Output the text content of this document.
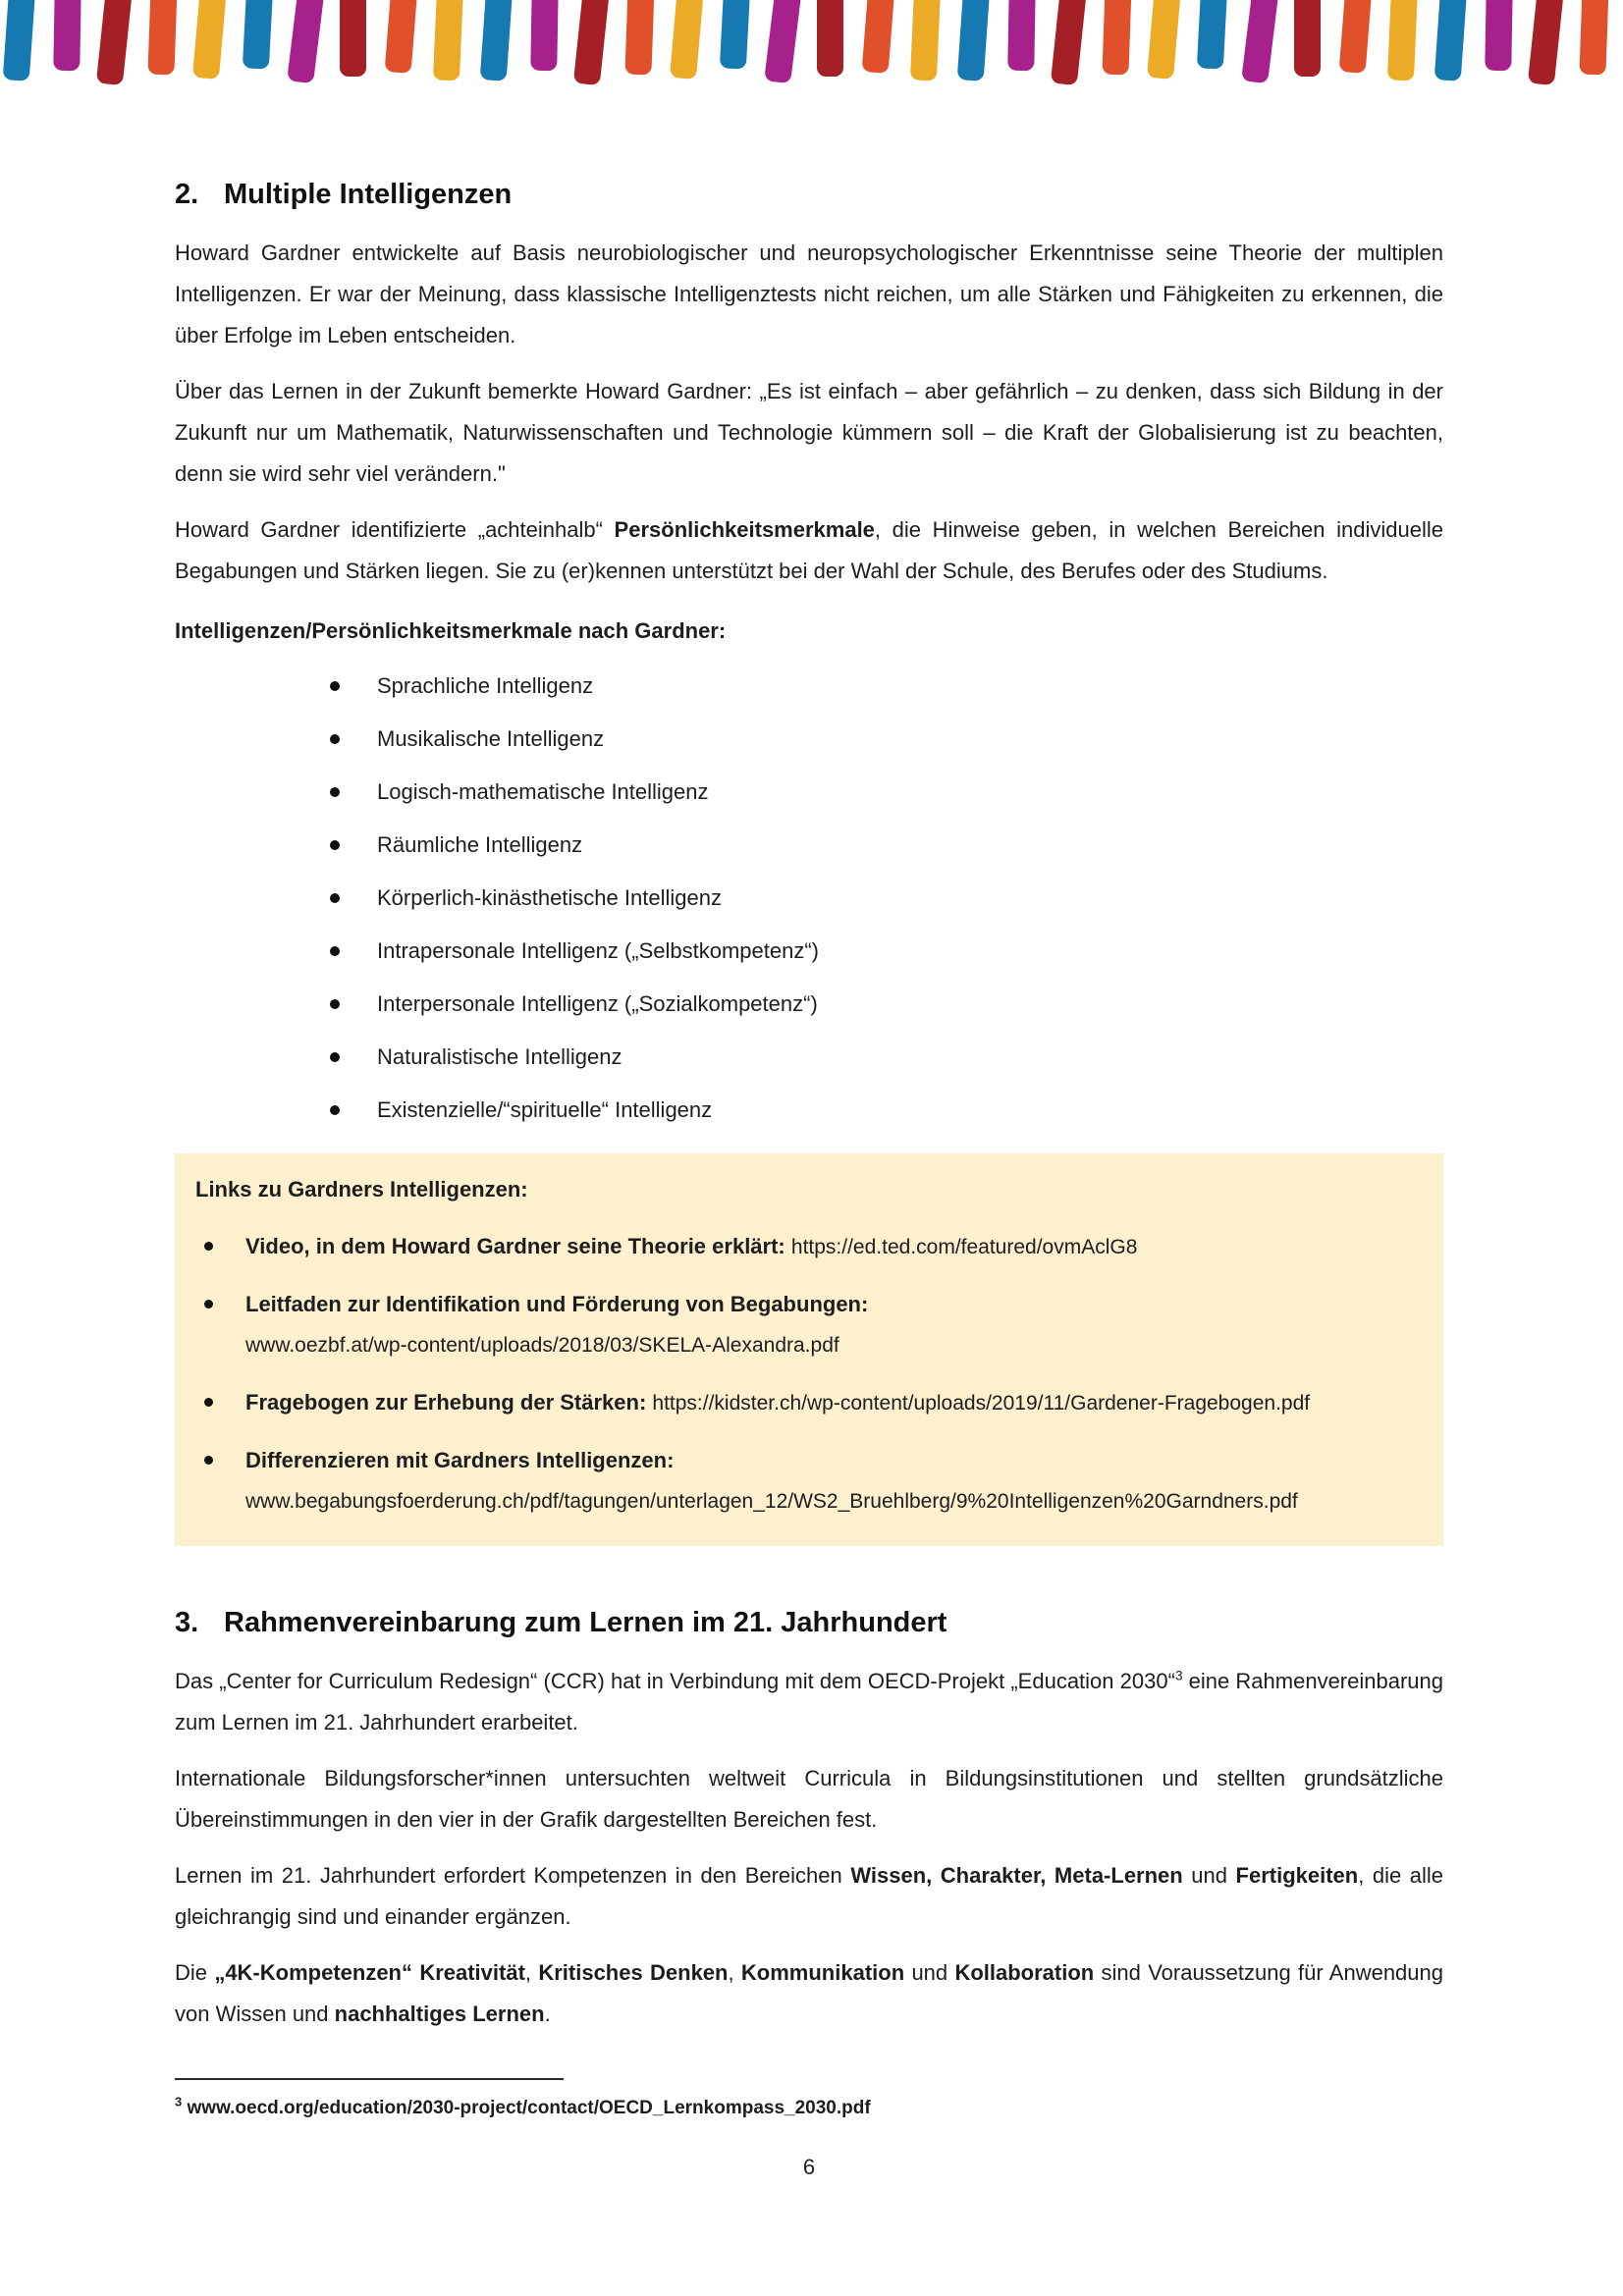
2. Multiple Intelligenzen

Howard Gardner entwickelte auf Basis neurobiologischer und neuropsychologischer Erkenntnisse seine Theorie der multiplen Intelligenzen. Er war der Meinung, dass klassische Intelligenztests nicht reichen, um alle Stärken und Fähigkeiten zu erkennen, die über Erfolge im Leben entscheiden.

Über das Lernen in der Zukunft bemerkte Howard Gardner: „Es ist einfach – aber gefährlich – zu denken, dass sich Bildung in der Zukunft nur um Mathematik, Naturwissenschaften und Technologie kümmern soll – die Kraft der Globalisierung ist zu beachten, denn sie wird sehr viel verändern."

Howard Gardner identifizierte „achteinhalb“ Persönlichkeitsmerkmale, die Hinweise geben, in welchen Bereichen individuelle Begabungen und Stärken liegen. Sie zu (er)kennen unterstützt bei der Wahl der Schule, des Berufes oder des Studiums.

Intelligenzen/Persönlichkeitsmerkmale nach Gardner:
Sprachliche Intelligenz
Musikalische Intelligenz
Logisch-mathematische Intelligenz
Räumliche Intelligenz
Körperlich-kinästhetische Intelligenz
Intrapersonale Intelligenz („Selbstkompetenz“)
Interpersonale Intelligenz („Sozialkompetenz“)
Naturalistische Intelligenz
Existenzielle/“spirituelle“ Intelligenz
Links zu Gardners Intelligenzen:
Video, in dem Howard Gardner seine Theorie erklärt: https://ed.ted.com/featured/ovmAclG8
Leitfaden zur Identifikation und Förderung von Begabungen:
www.oezbf.at/wp-content/uploads/2018/03/SKELA-Alexandra.pdf
Fragebogen zur Erhebung der Stärken: https://kidster.ch/wp-content/uploads/2019/11/Gardener-Fragebogen.pdf
Differenzieren mit Gardners Intelligenzen:
www.begabungsfoerderung.ch/pdf/tagungen/unterlagen_12/WS2_Bruehlberg/9%20Intelligenzen%20Garndners.pdf
3. Rahmenvereinbarung zum Lernen im 21. Jahrhundert

Das „Center for Curriculum Redesign“ (CCR) hat in Verbindung mit dem OECD-Projekt „Education 2030“$^3$ eine Rahmenvereinbarung zum Lernen im 21. Jahrhundert erarbeitet.

Internationale Bildungsforscher*innen untersuchten weltweit Curricula in Bildungsinstitutionen und stellten grundsätzliche Übereinstimmungen in den vier in der Grafik dargestellten Bereichen fest.

Lernen im 21. Jahrhundert erfordert Kompetenzen in den Bereichen Wissen, Charakter, Meta-Lernen und Fertigkeiten, die alle gleichrangig sind und einander ergänzen.

Die „4K-Kompetenzen“ Kreativität, Kritisches Denken, Kommunikation und Kollaboration sind Voraussetzung für Anwendung von Wissen und nachhaltiges Lernen.

$^3$ www.oecd.org/education/2030-project/contact/OECD_Lernkompass_2030.pdf

6
